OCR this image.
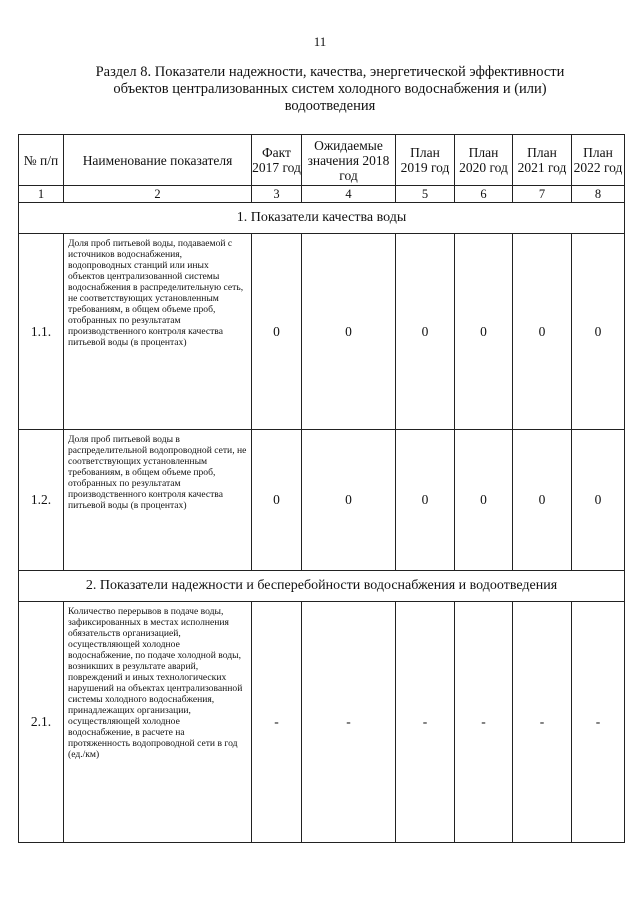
11
Раздел 8. Показатели надежности, качества, энергетической эффективности
объектов централизованных систем холодного водоснабжения и (или)
водоотведения
№ п/п	Наименование показателя	Факт 2017 год	Ожидаемые значения 2018 год	План 2019 год	План 2020 год	План 2021 год	План 2022 год
1	2	3	4	5	6	7	8
1. Показатели качества воды							
1.1.	Доля проб питьевой воды, подаваемой с источников водоснабжения, водопроводных станций или иных объектов централизованной системы водоснабжения в распределительную сеть, не соответствующих установленным требованиям, в общем объеме проб, отобранных по результатам производственного контроля качества питьевой воды (в процентах)	0	0	0	0	0	0
1.2.	Доля проб питьевой воды в распределительной водопроводной сети, не соответствующих установленным требованиям, в общем объеме проб, отобранных по результатам производственного контроля качества питьевой воды (в процентах)	0	0	0	0	0	0
2. Показатели надежности и бесперебойности водоснабжения и водоотведения							
2.1.	Количество перерывов в подаче воды, зафиксированных в местах исполнения обязательств организацией, осуществляющей холодное водоснабжение, по подаче холодной воды, возникших в результате аварий, повреждений и иных технологических нарушений на объектах централизованной системы холодного водоснабжения, принадлежащих организации, осуществляющей холодное водоснабжение, в расчете на протяженность водопроводной сети в год (ед./км)	-	-	-	-	-	-
